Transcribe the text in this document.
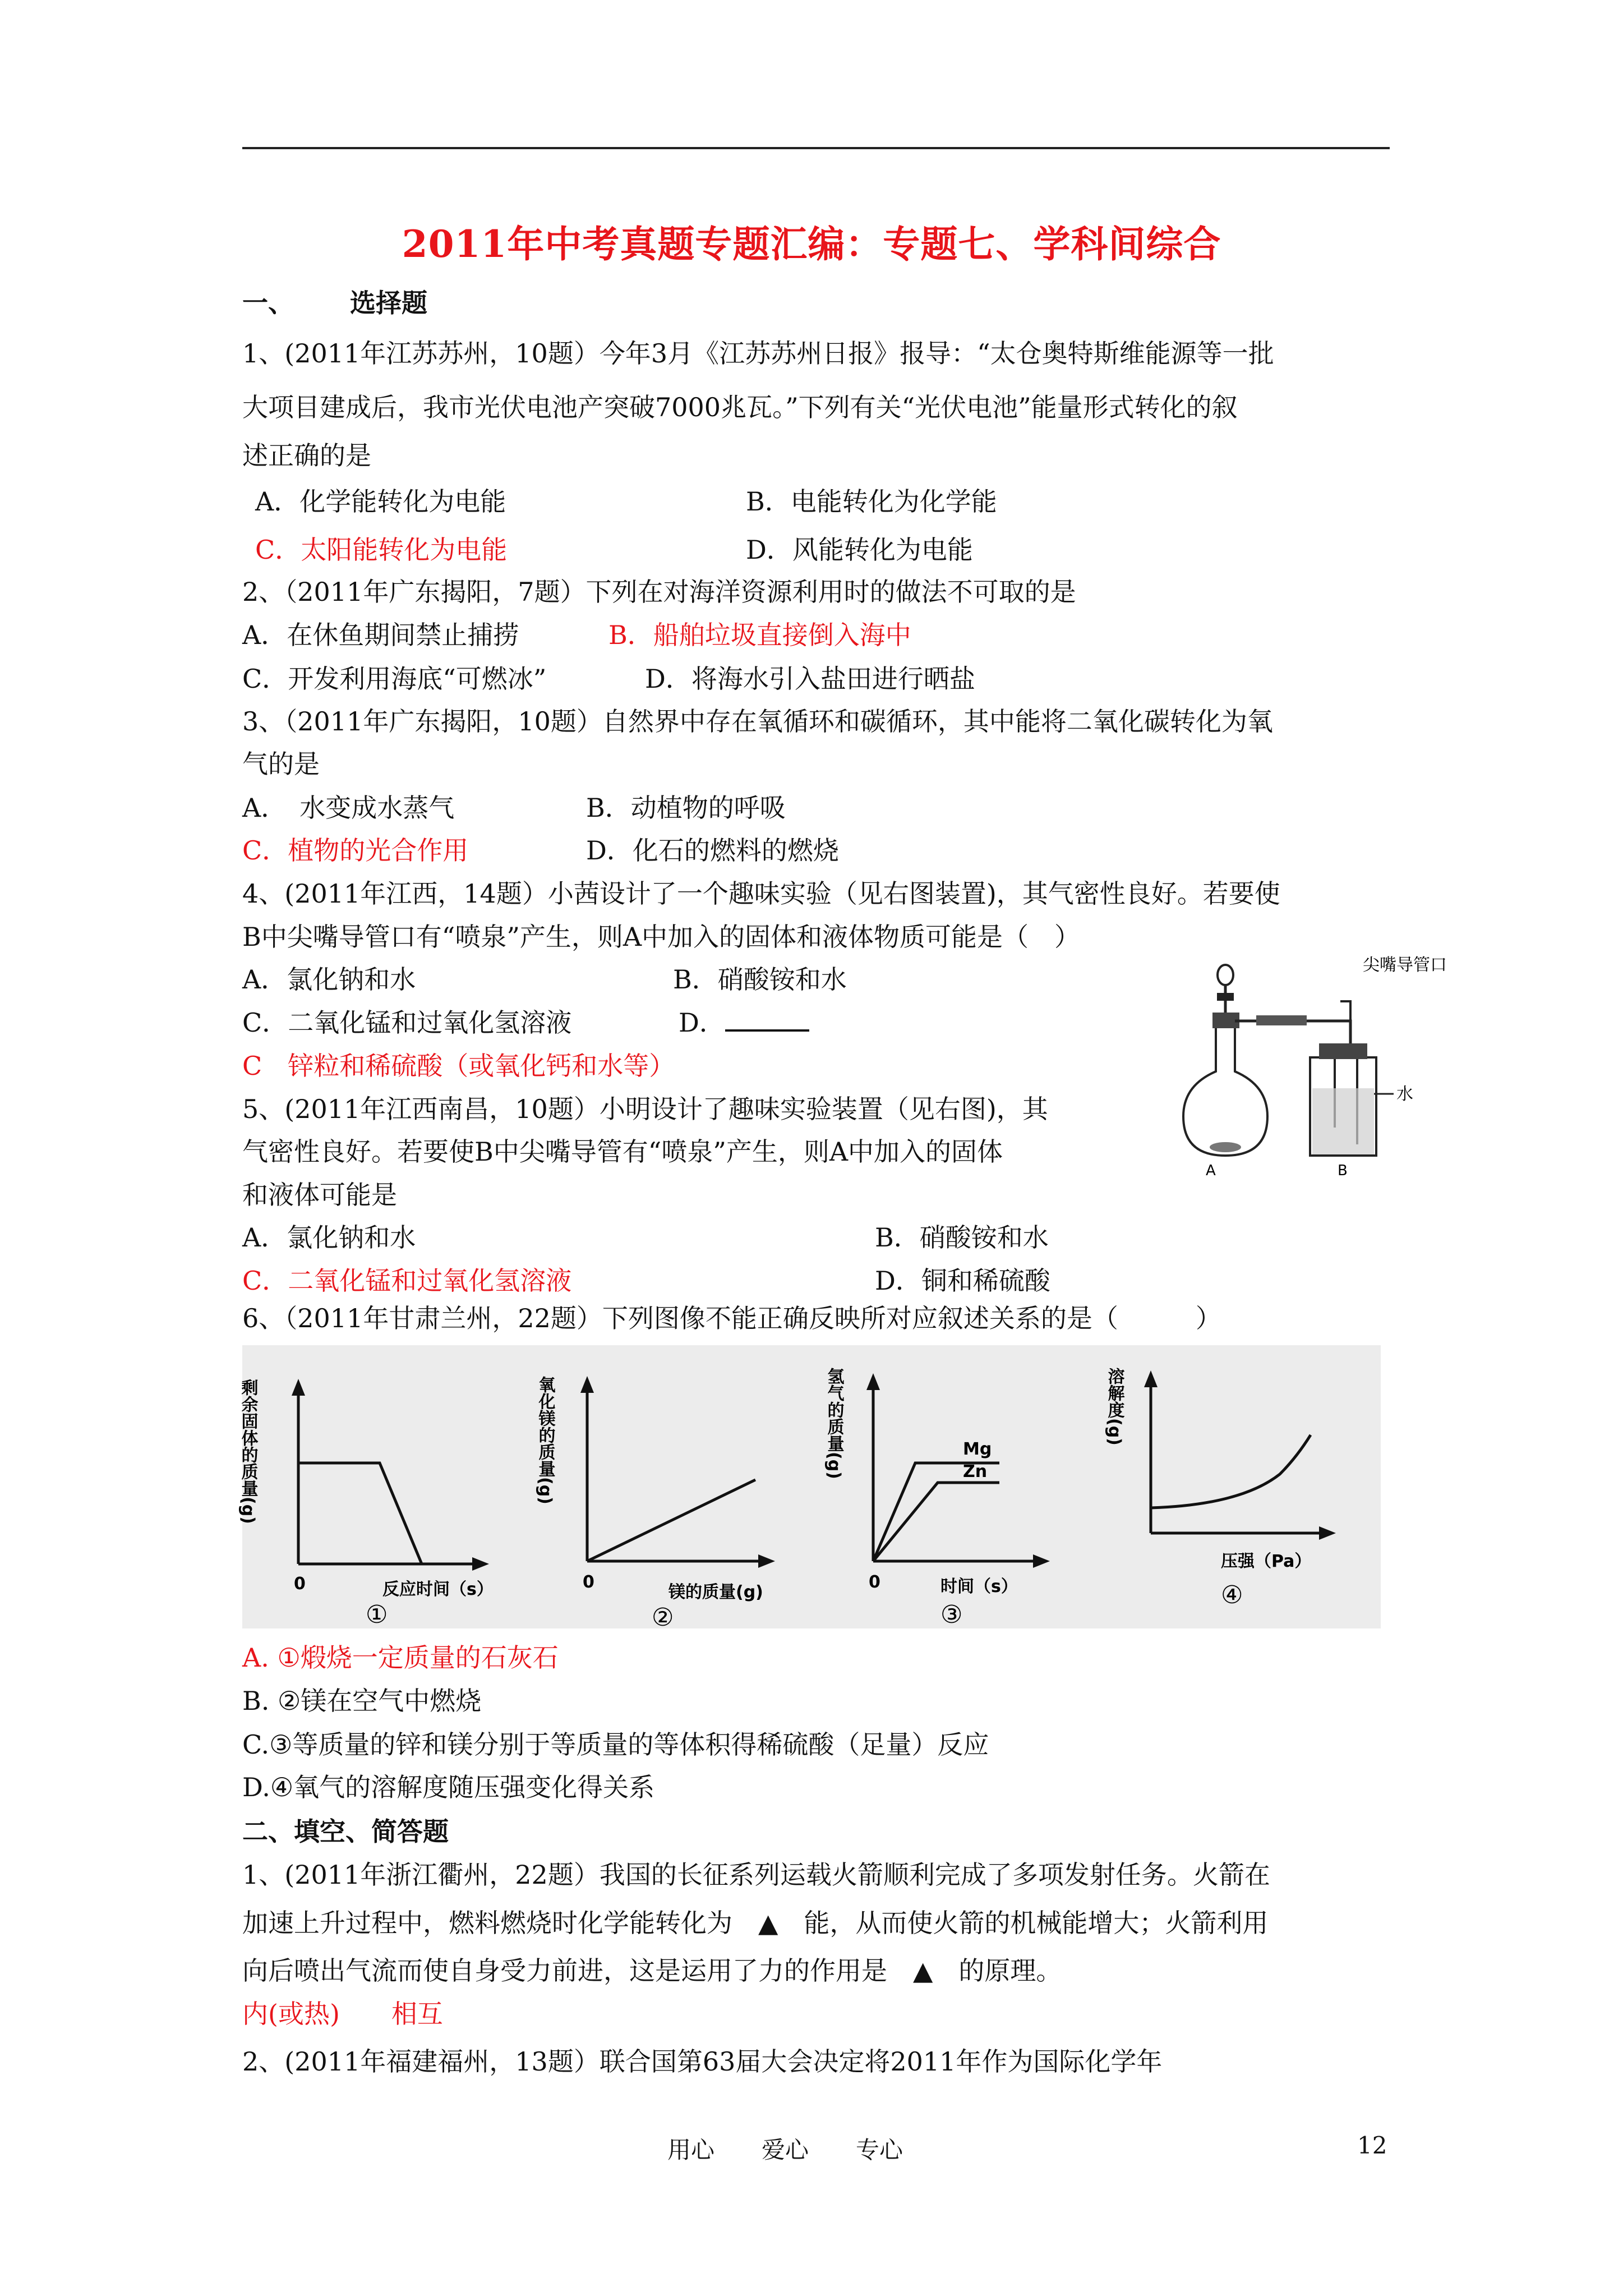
2011年中考真题专题汇编：专题七、学科间综合
一、 选择题
1、(2011年江苏苏州，10题）今年3月《江苏苏州日报》报导：“太仓奥特斯维能源等一批
大项目建成后，我市光伏电池产突破7000兆瓦。”下列有关“光伏电池”能量形式转化的叙
述正确的是
A．化学能转化为电能	B．电能转化为化学能
C．太阳能转化为电能	D．风能转化为电能
2、（2011年广东揭阳，7题）下列在对海洋资源利用时的做法不可取的是
A．在休鱼期间禁止捕捞	B．船舶垃圾直接倒入海中
C．开发利用海底“可燃冰”	D．将海水引入盐田进行晒盐
3、（2011年广东揭阳，10题）自然界中存在氧循环和碳循环，其中能将二氧化碳转化为氧
气的是
A．　水变成水蒸气	B．动植物的呼吸
C．植物的光合作用	D．化石的燃料的燃烧
4、(2011年江西，14题）小茜设计了一个趣味实验（见右图装置)，其气密性良好。若要使
B中尖嘴导管口有“喷泉”产生，则A中加入的固体和液体物质可能是（　）
A．氯化钠和水	B．硝酸铵和水
C．二氧化锰和过氧化氢溶液	D．
C　锌粒和稀硫酸（或氧化钙和水等）
尖嘴导管口
水
A	B
5、(2011年江西南昌，10题）小明设计了趣味实验装置（见右图)，其
气密性良好。若要使B中尖嘴导管有“喷泉”产生，则A中加入的固体
和液体可能是
A．氯化钠和水	B．硝酸铵和水
C．二氧化锰和过氧化氢溶液	D．铜和稀硫酸
6、（2011年甘肃兰州，22题）下列图像不能正确反映所对应叙述关系的是（　　　）
剩余固体的质量(g)
0	反应时间（s）
①
氧化镁的质量(g)
0
镁的质量(g)
②
Mg
Zn
氢气的质量(g)
0	时间（s）
③
溶解度(g)
压强（Pa）
④
A. ①煅烧一定质量的石灰石
B. ②镁在空气中燃烧
C.③等质量的锌和镁分别于等质量的等体积得稀硫酸（足量）反应
D.④氧气的溶解度随压强变化得关系
二、填空、简答题
1、(2011年浙江衢州，22题）我国的长征系列运载火箭顺利完成了多项发射任务。火箭在
加速上升过程中，燃料燃烧时化学能转化为　▲　能，从而使火箭的机械能增大；火箭利用
向后喷出气流而使自身受力前进，这是运用了力的作用是　▲　的原理。
内(或热)　　相互
2、(2011年福建福州，13题）联合国第63届大会决定将2011年作为国际化学年
用心　　爱心　　专心	12
